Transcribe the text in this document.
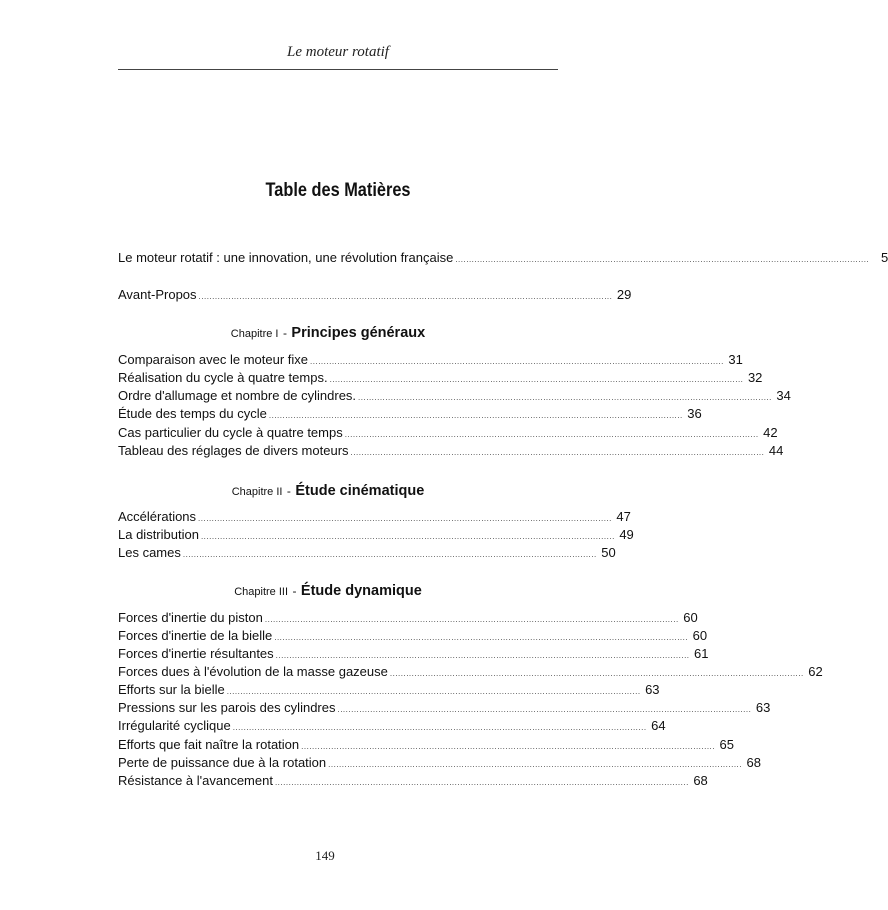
Le moteur rotatif
Table des Matières
Le moteur rotatif : une innovation, une révolution française ........................................................................................................................................................ 5
Avant-Propos ........................................................................................................................................................ 29
Chapitre I - Principes généraux
Comparaison avec le moteur fixe ........................................................................................................................................................ 31
Réalisation du cycle à quatre temps. ........................................................................................................................................................ 32
Ordre d'allumage et nombre de cylindres. ........................................................................................................................................................ 34
Étude des temps du cycle ........................................................................................................................................................ 36
Cas particulier du cycle à quatre temps ........................................................................................................................................................ 42
Tableau des réglages de divers moteurs ........................................................................................................................................................ 44
Chapitre II - Étude cinématique
Accélérations ........................................................................................................................................................ 47
La distribution ........................................................................................................................................................ 49
Les cames ........................................................................................................................................................ 50
Chapitre III - Étude dynamique
Forces d'inertie du piston ........................................................................................................................................................ 60
Forces d'inertie de la bielle ........................................................................................................................................................ 60
Forces d'inertie résultantes ........................................................................................................................................................ 61
Forces dues à l'évolution de la masse gazeuse ........................................................................................................................................................ 62
Efforts sur la bielle ........................................................................................................................................................ 63
Pressions sur les parois des cylindres ........................................................................................................................................................ 63
Irrégularité cyclique ........................................................................................................................................................ 64
Efforts que fait naître la rotation ........................................................................................................................................................ 65
Perte de puissance due à la rotation ........................................................................................................................................................ 68
Résistance à l'avancement ........................................................................................................................................................ 68
149
